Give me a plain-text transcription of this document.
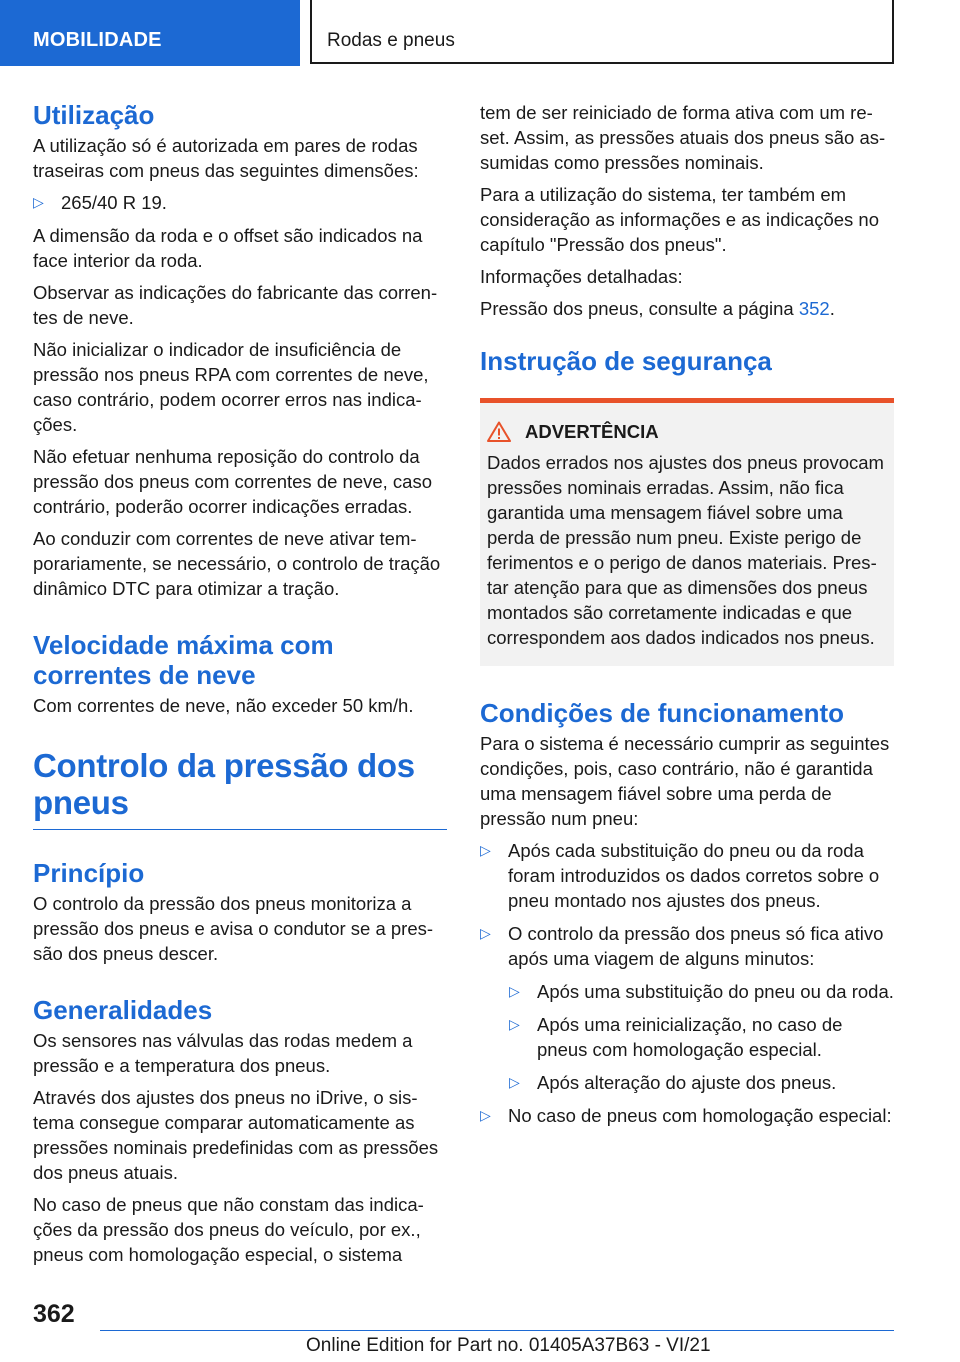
MOBILIDADE	Rodas e pneus
Utilização

A utilização só é autorizada em pares de rodas traseiras com pneus das seguintes dimensões:

▷ 265/40 R 19.

A dimensão da roda e o offset são indicados na face interior da roda.

Observar as indicações do fabricante das correntes de neve.

Não inicializar o indicador de insuficiência de pressão nos pneus RPA com correntes de neve, caso contrário, podem ocorrer erros nas indicações.

Não efetuar nenhuma reposição do controlo da pressão dos pneus com correntes de neve, caso contrário, poderão ocorrer indicações erradas.

Ao conduzir com correntes de neve ativar temporariamente, se necessário, o controlo de tração dinâmico DTC para otimizar a tração.

Velocidade máxima com correntes de neve

Com correntes de neve, não exceder 50 km/h.

Controlo da pressão dos pneus
Princípio

O controlo da pressão dos pneus monitoriza a pressão dos pneus e avisa o condutor se a pressão dos pneus descer.

Generalidades

Os sensores nas válvulas das rodas medem a pressão e a temperatura dos pneus.

Através dos ajustes dos pneus no iDrive, o sistema consegue comparar automaticamente as pressões nominais predefinidas com as pressões dos pneus atuais.

No caso de pneus que não constam das indicações da pressão dos pneus do veículo, por ex., pneus com homologação especial, o sistema

tem de ser reiniciado de forma ativa com um reset. Assim, as pressões atuais dos pneus são assumidas como pressões nominais.

Para a utilização do sistema, ter também em consideração as informações e as indicações no capítulo "Pressão dos pneus".

Informações detalhadas:

Pressão dos pneus, consulte a página 352.

Instrução de segurança
ADVERTÊNCIA
Dados errados nos ajustes dos pneus provocam pressões nominais erradas. Assim, não fica garantida uma mensagem fiável sobre uma perda de pressão num pneu. Existe perigo de ferimentos e o perigo de danos materiais. Prestar atenção para que as dimensões dos pneus montados são corretamente indicadas e que correspondem aos dados indicados nos pneus.
Condições de funcionamento

Para o sistema é necessário cumprir as seguintes condições, pois, caso contrário, não é garantida uma mensagem fiável sobre uma perda de pressão num pneu:

▷ Após cada substituição do pneu ou da roda foram introduzidos os dados corretos sobre o pneu montado nos ajustes dos pneus.
▷ O controlo da pressão dos pneus só fica ativo após uma viagem de alguns minutos:
▷ Após uma substituição do pneu ou da roda.
▷ Após uma reinicialização, no caso de pneus com homologação especial.
▷ Após alteração do ajuste dos pneus.
▷ No caso de pneus com homologação especial:
362
Online Edition for Part no. 01405A37B63 - VI/21
